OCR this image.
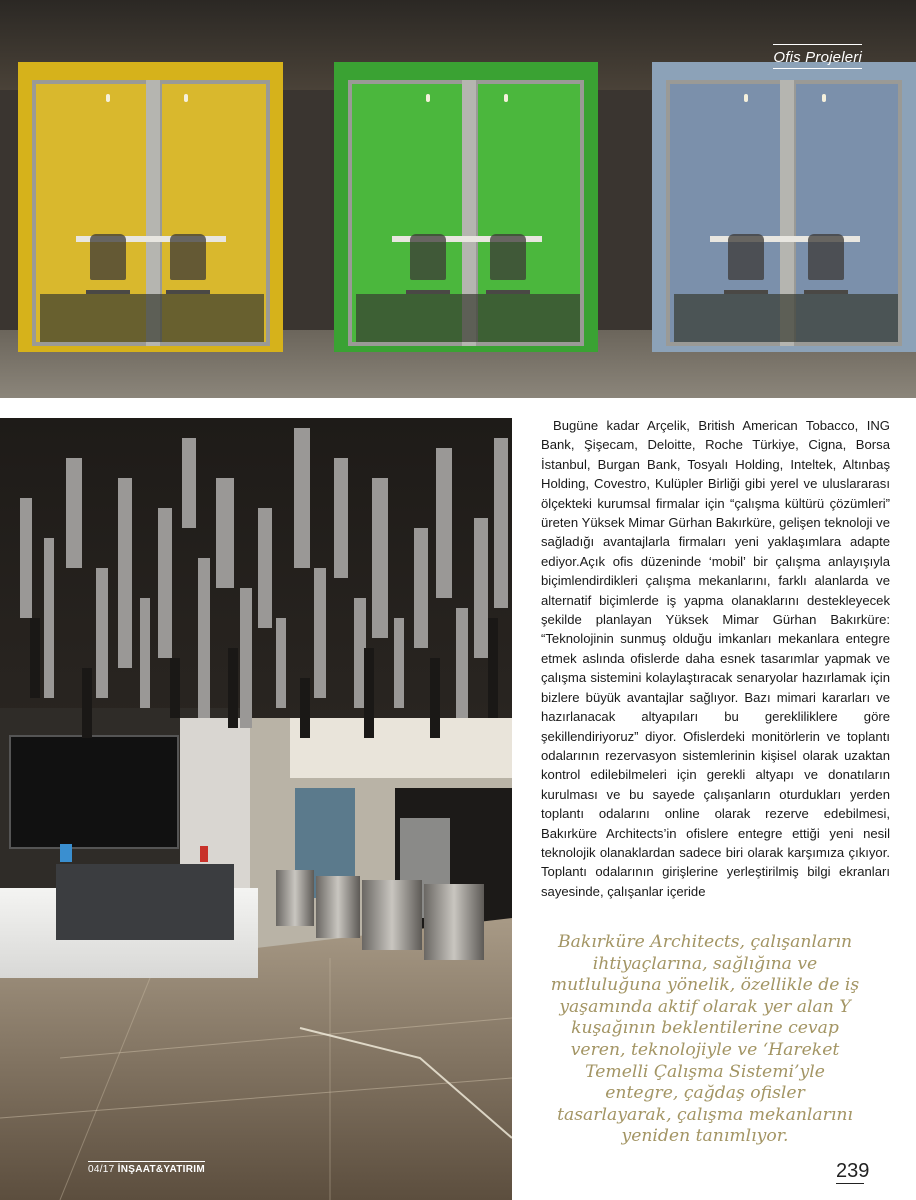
Ofis Projeleri

Bugüne kadar Arçelik, British American Tobacco, ING Bank, Şişecam, Deloitte, Roche Türkiye, Cigna, Borsa İstanbul, Burgan Bank, Tosyalı Holding, Inteltek, Altınbaş Holding, Covestro, Kulüpler Birliği gibi yerel ve uluslararası ölçekteki kurumsal firmalar için “çalışma kültürü çözümleri” üreten Yüksek Mimar Gürhan Bakırküre, gelişen teknoloji ve sağladığı avantajlarla firmaları yeni yaklaşımlara adapte ediyor.Açık ofis düzeninde ‘mobil’ bir çalışma anlayışıyla biçimlendirdikleri çalışma mekanlarını, farklı alanlarda ve alternatif biçimlerde iş yapma olanaklarını destekleyecek şekilde planlayan Yüksek Mimar Gürhan Bakırküre: “Teknolojinin sunmuş olduğu imkanları mekanlara entegre etmek aslında ofislerde daha esnek tasarımlar yapmak ve çalışma sistemini kolaylaştıracak senaryolar hazırlamak için bizlere büyük avantajlar sağlıyor. Bazı mimari kararları ve hazırlanacak altyapıları bu gerekliliklere göre şekillendiriyoruz” diyor. Ofislerdeki monitörlerin ve toplantı odalarının rezervasyon sistemlerinin kişisel olarak uzaktan kontrol edilebilmeleri için gerekli altyapı ve donatıların kurulması ve bu sayede çalışanların oturdukları yerden toplantı odalarını online olarak rezerve edebilmesi, Bakırküre Architects’in ofislere entegre ettiği yeni nesil teknolojik olanaklardan sadece biri olarak karşımıza çıkıyor. Toplantı odalarının girişlerine yerleştirilmiş bilgi ekranları sayesinde, çalışanlar içeride

Bakırküre Architects, çalışanların ihtiyaçlarına, sağlığına ve mutluluğuna yönelik, özellikle de iş yaşamında aktif olarak yer alan Y kuşağının beklentilerine cevap veren, teknolojiyle ve ‘Hareket Temelli Çalışma Sistemi’yle entegre, çağdaş ofisler tasarlayarak, çalışma mekanlarını yeniden tanımlıyor.
04/17 İNŞAAT&YATIRIM	239
